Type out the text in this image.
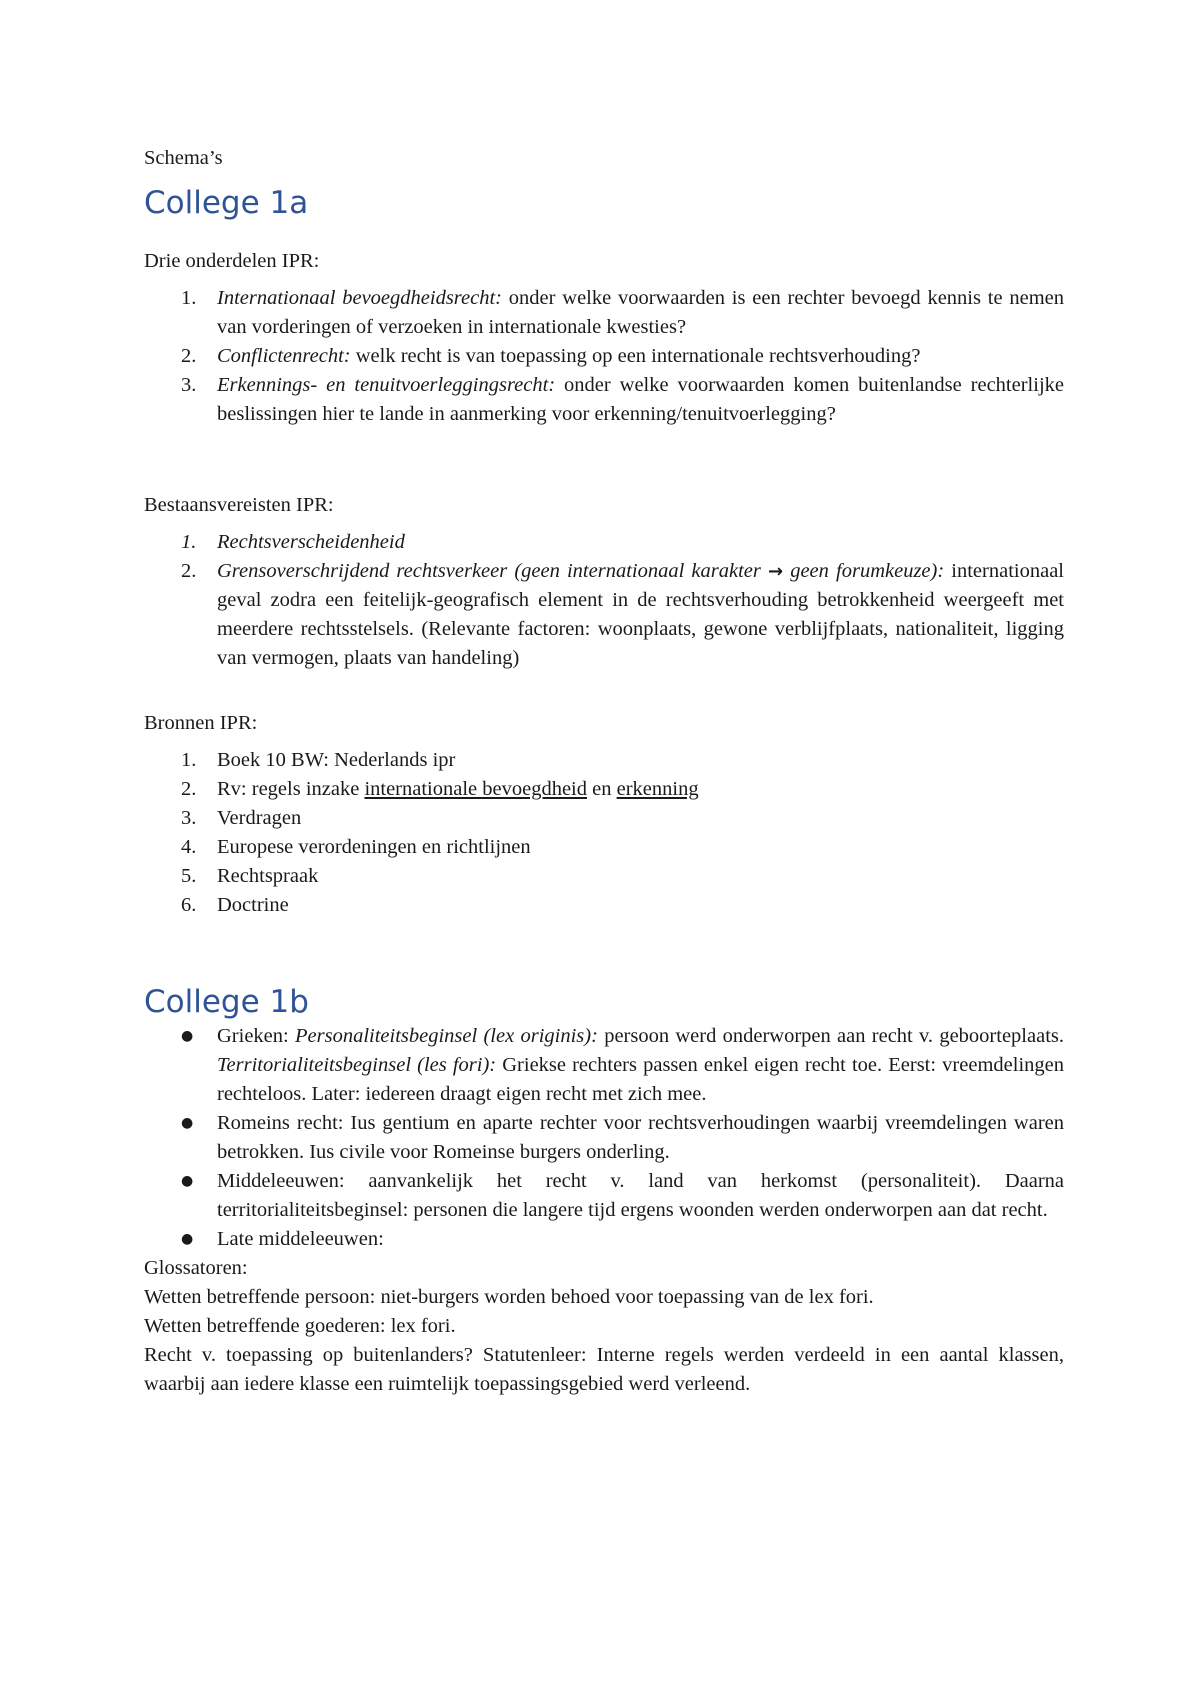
Schema’s

College 1a

Drie onderdelen IPR:

1. Internationaal bevoegdheidsrecht: onder welke voorwaarden is een rechter bevoegd kennis te nemen van vorderingen of verzoeken in internationale kwesties?
2. Conflictenrecht: welk recht is van toepassing op een internationale rechtsverhouding?
3. Erkennings- en tenuitvoerleggingsrecht: onder welke voorwaarden komen buitenlandse rechterlijke beslissingen hier te lande in aanmerking voor erkenning/tenuitvoerlegging?

Bestaansvereisten IPR:

1. Rechtsverscheidenheid
2. Grensoverschrijdend rechtsverkeer (geen internationaal karakter → geen forumkeuze): internationaal geval zodra een feitelijk-geografisch element in de rechtsverhouding betrokkenheid weergeeft met meerdere rechtsstelsels. (Relevante factoren: woonplaats, gewone verblijfplaats, nationaliteit, ligging van vermogen, plaats van handeling)

Bronnen IPR:

1. Boek 10 BW: Nederlands ipr
2. Rv: regels inzake internationale bevoegdheid en erkenning
3. Verdragen
4. Europese verordeningen en richtlijnen
5. Rechtspraak
6. Doctrine
College 1b
● Grieken: Personaliteitsbeginsel (lex originis): persoon werd onderworpen aan recht v. geboorteplaats. Territorialiteitsbeginsel (les fori): Griekse rechters passen enkel eigen recht toe. Eerst: vreemdelingen rechteloos. Later: iedereen draagt eigen recht met zich mee.
● Romeins recht: Ius gentium en aparte rechter voor rechtsverhoudingen waarbij vreemdelingen waren betrokken. Ius civile voor Romeinse burgers onderling.
● Middeleeuwen: aanvankelijk het recht v. land van herkomst (personaliteit). Daarna territorialiteitsbeginsel: personen die langere tijd ergens woonden werden onderworpen aan dat recht.
● Late middeleeuwen:

Glossatoren:

Wetten betreffende persoon: niet-burgers worden behoed voor toepassing van de lex fori.

Wetten betreffende goederen: lex fori.

Recht v. toepassing op buitenlanders? Statutenleer: Interne regels werden verdeeld in een aantal klassen, waarbij aan iedere klasse een ruimtelijk toepassingsgebied werd verleend.
